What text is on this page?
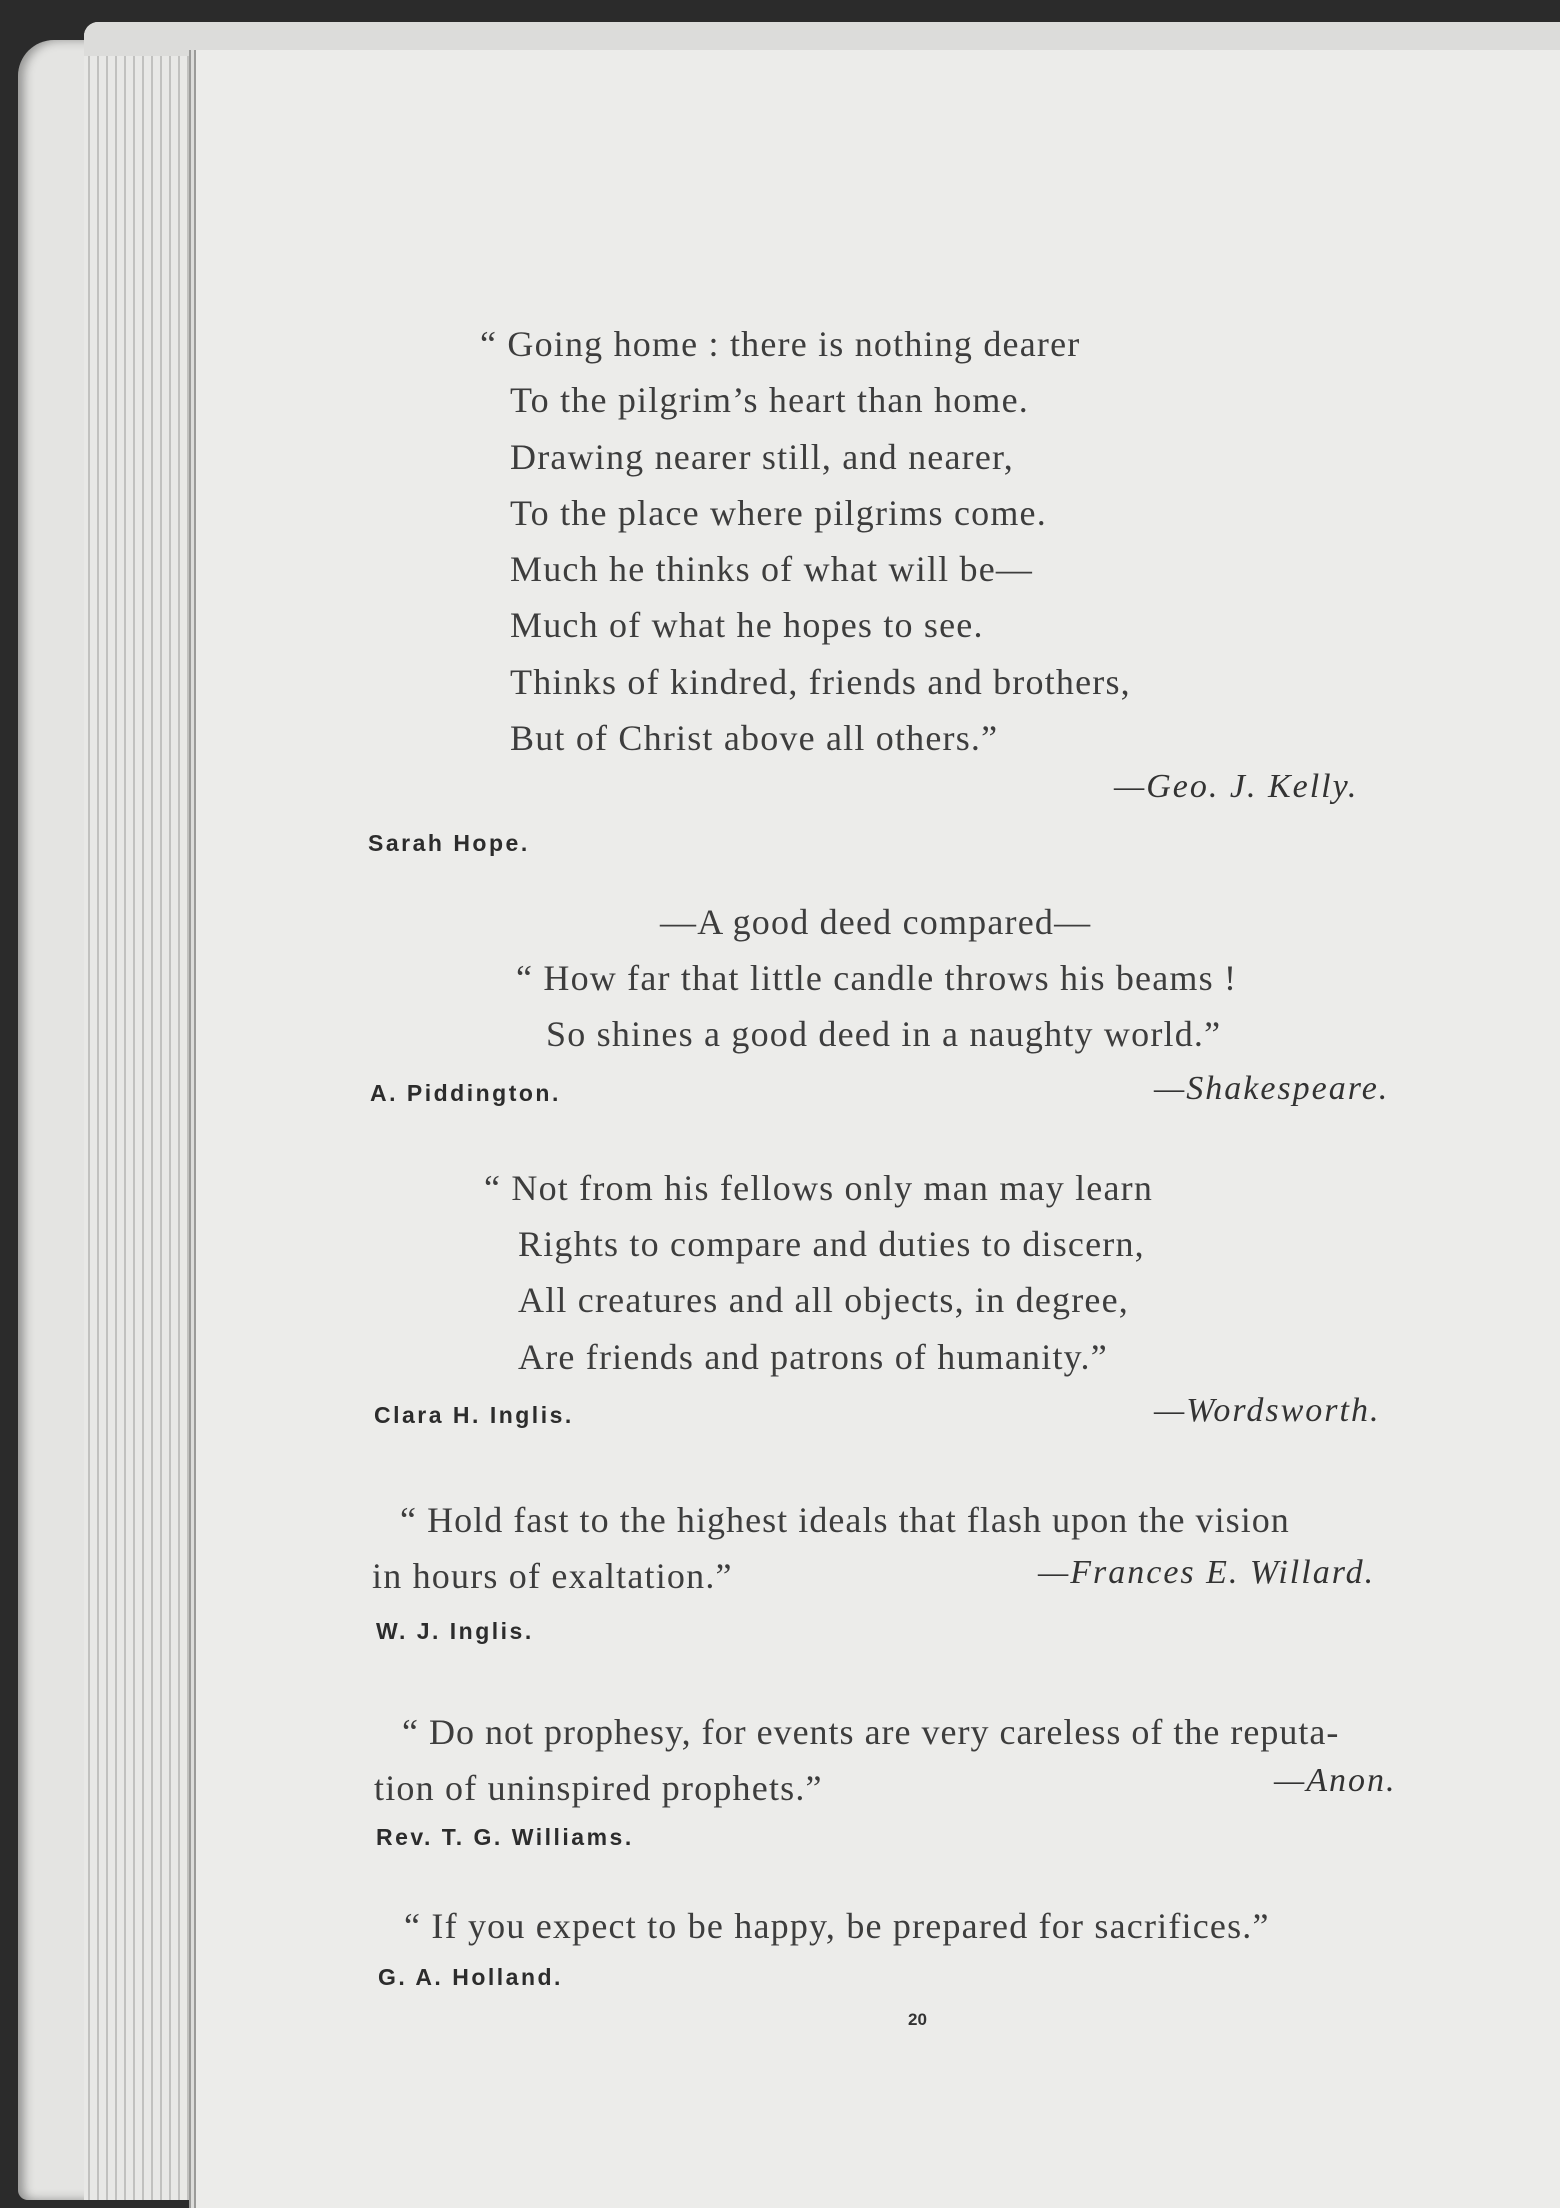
“ Going home : there is nothing dearer
To the pilgrim’s heart than home.
Drawing nearer still, and nearer,
To the place where pilgrims come.
Much he thinks of what will be—
Much of what he hopes to see.
Thinks of kindred, friends and brothers,
But of Christ above all others.”
—Geo. J. Kelly.
Sarah Hope.
—A good deed compared—
“ How far that little candle throws his beams !
So shines a good deed in a naughty world.”
—Shakespeare.
A. Piddington.
“ Not from his fellows only man may learn
Rights to compare and duties to discern,
All creatures and all objects, in degree,
Are friends and patrons of humanity.”
—Wordsworth.
Clara H. Inglis.
“ Hold fast to the highest ideals that flash upon the vision
in hours of exaltation.”	—Frances E. Willard.
W. J. Inglis.
“ Do not prophesy, for events are very careless of the reputa-
tion of uninspired prophets.”	—Anon.
Rev. T. G. Williams.
“ If you expect to be happy, be prepared for sacrifices.”
G. A. Holland.
20
